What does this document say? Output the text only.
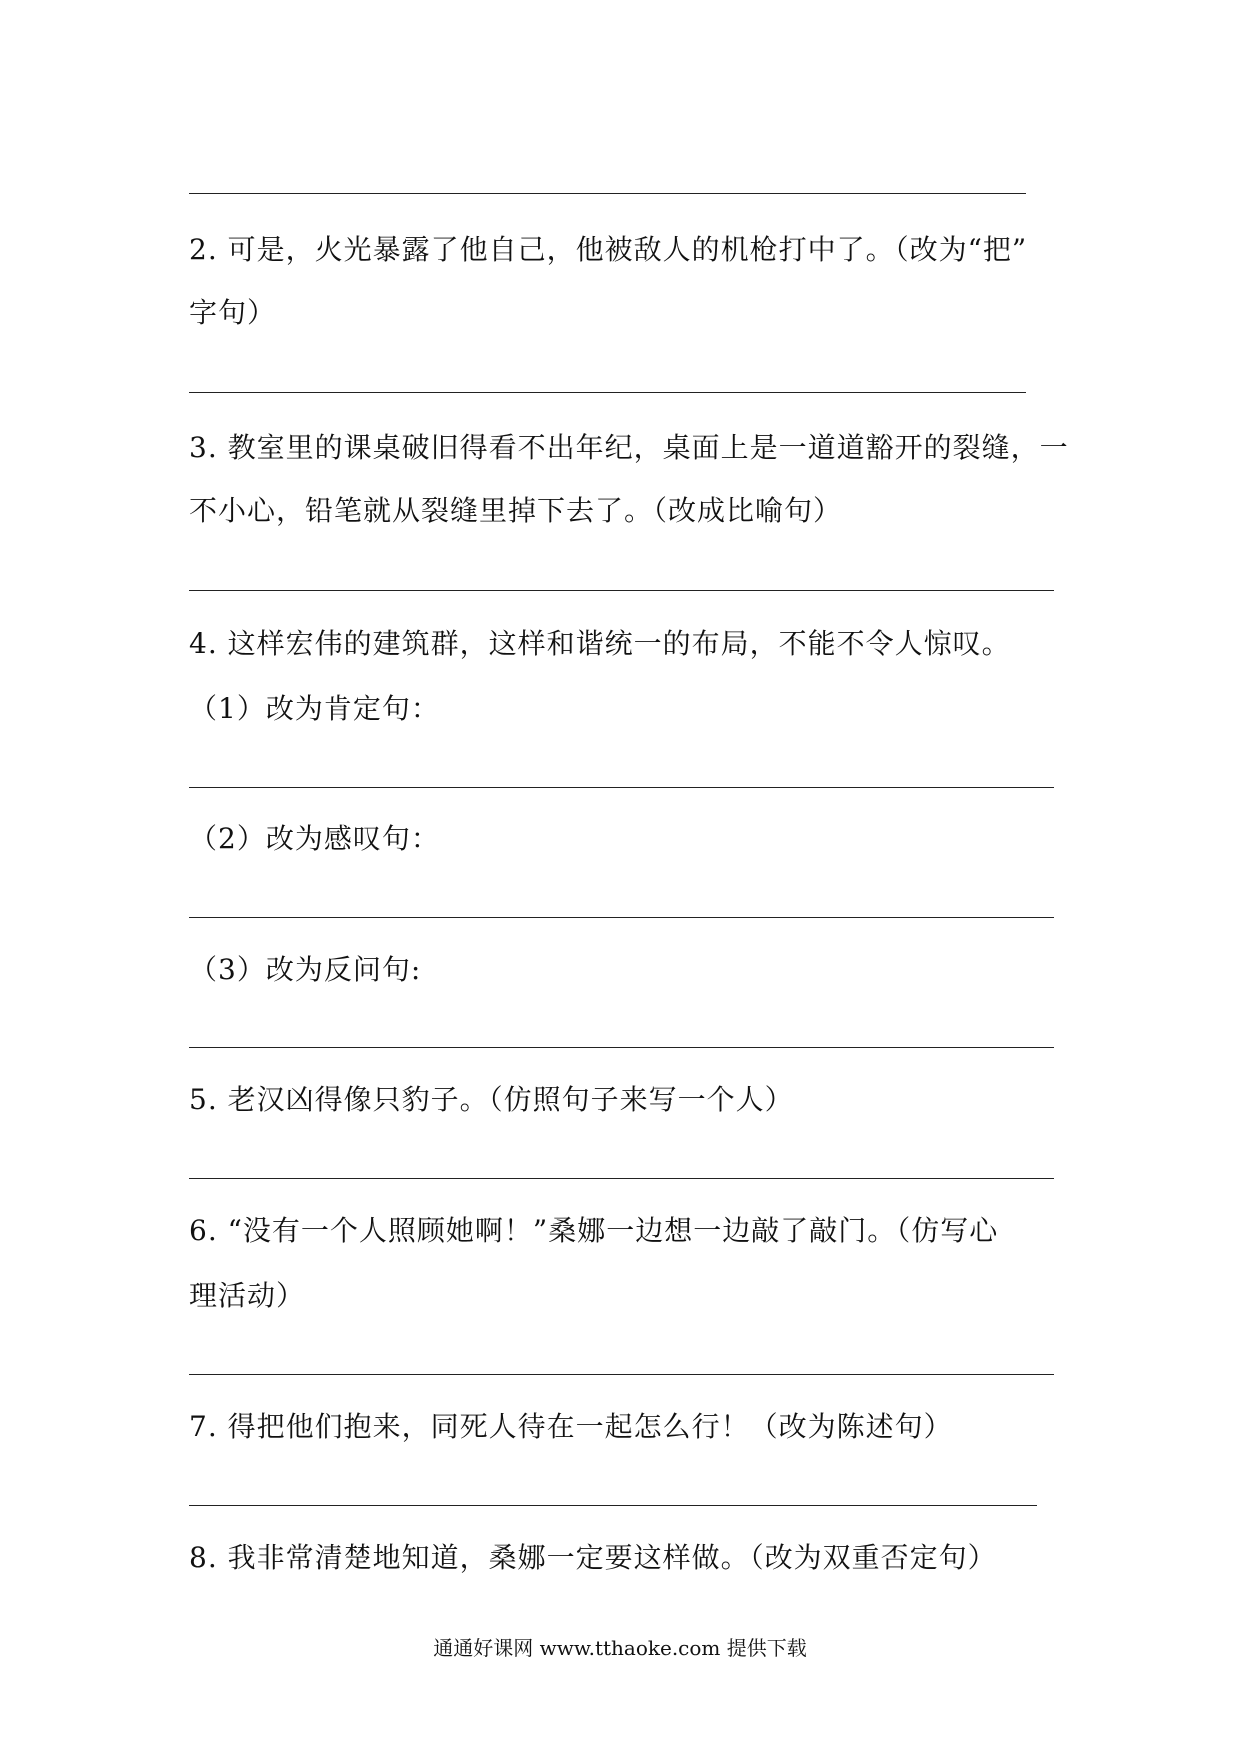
2. 可是，火光暴露了他自己，他被敌人的机枪打中了。（改为“把”
字句）
3. 教室里的课桌破旧得看不出年纪，桌面上是一道道豁开的裂缝，一
不小心，铅笔就从裂缝里掉下去了。（改成比喻句）
4. 这样宏伟的建筑群，这样和谐统一的布局，不能不令人惊叹。
（1）改为肯定句：
（2）改为感叹句：
（3）改为反问句:
5. 老汉凶得像只豹子。（仿照句子来写一个人）
6. “没有一个人照顾她啊！”桑娜一边想一边敲了敲门。（仿写心
理活动）
7. 得把他们抱来，同死人待在一起怎么行！（改为陈述句）
8. 我非常清楚地知道，桑娜一定要这样做。（改为双重否定句）
通通好课网 www.tthaoke.com 提供下载
